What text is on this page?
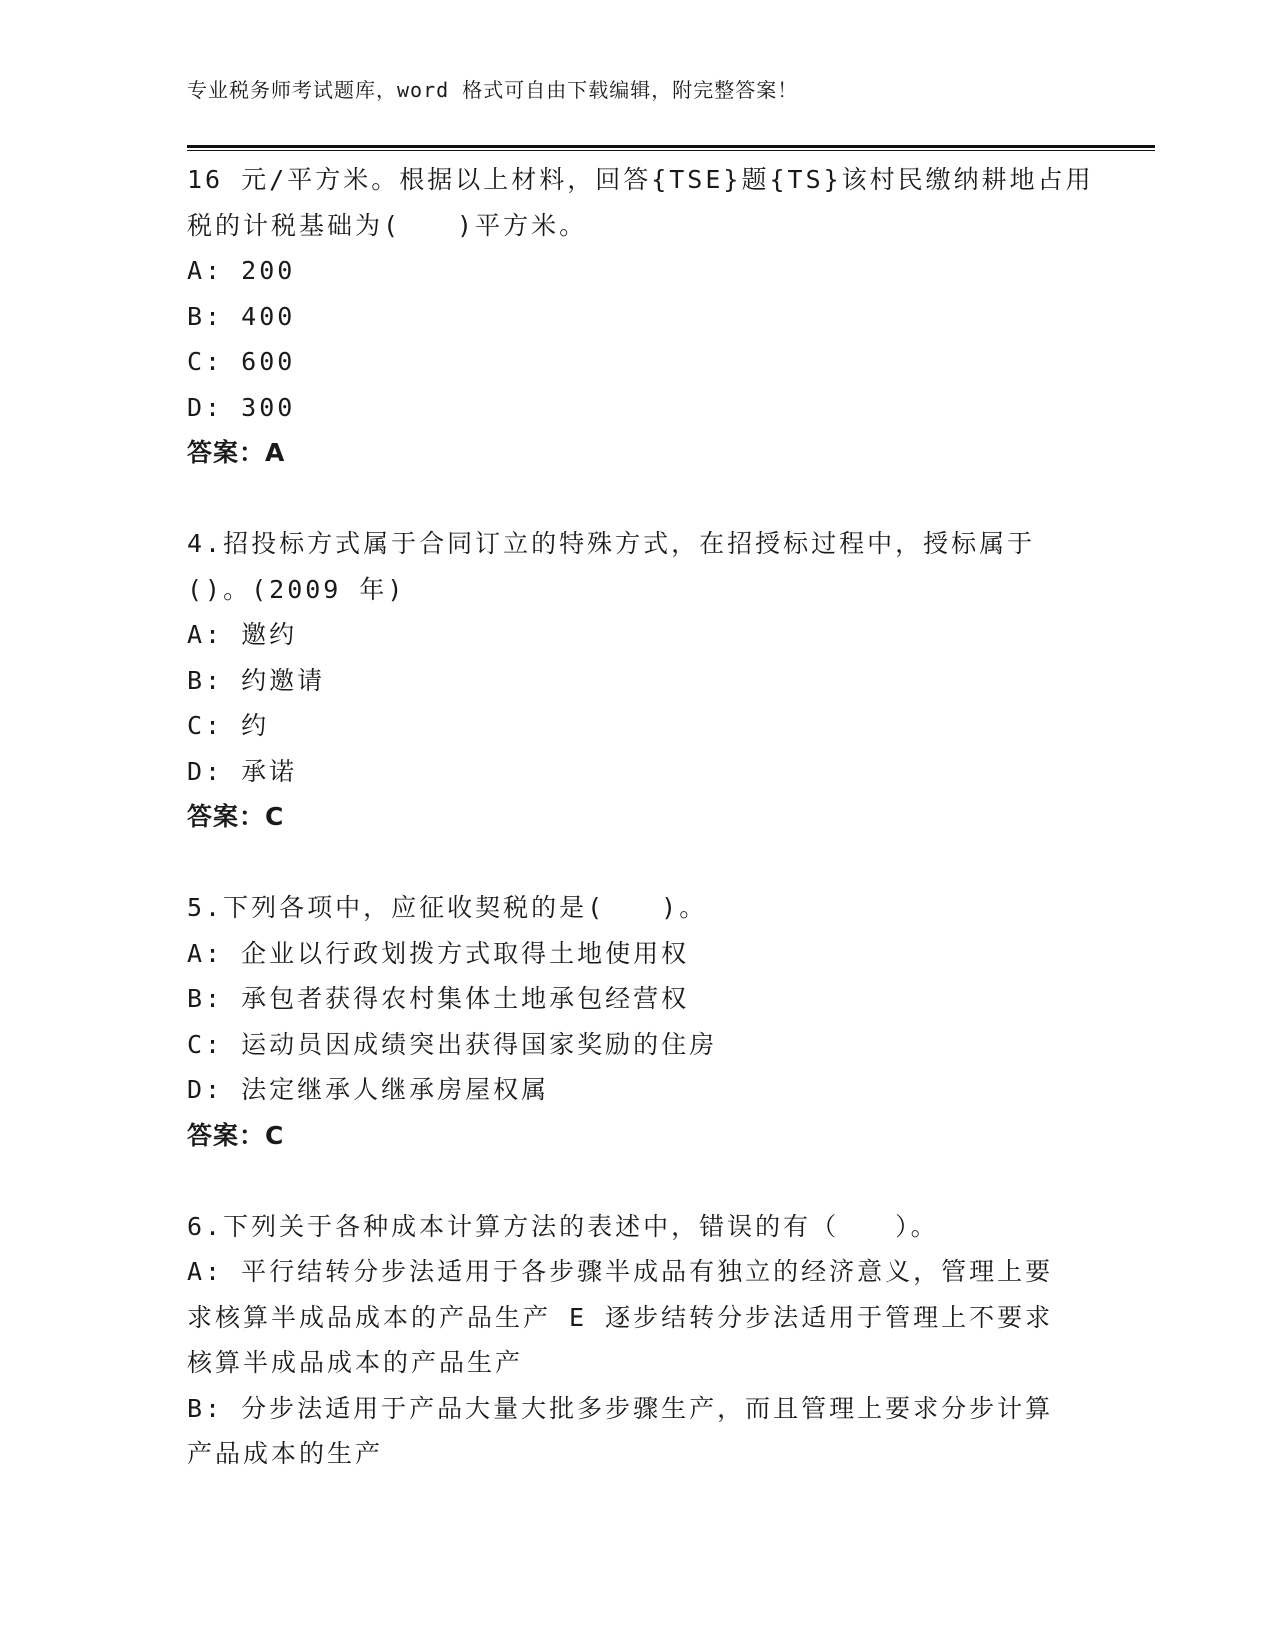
专业税务师考试题库，word 格式可自由下载编辑，附完整答案！
16 元/平方米。根据以上材料，回答{TSE}题{TS}该村民缴纳耕地占用
税的计税基础为(　　)平方米。
A: 200
B: 400
C: 600
D: 300
答案：A
4.招投标方式属于合同订立的特殊方式，在招授标过程中，授标属于
()。(2009 年)
A: 邀约
B: 约邀请
C: 约
D: 承诺
答案：C
5.下列各项中，应征收契税的是(　　)。
A: 企业以行政划拨方式取得土地使用权
B: 承包者获得农村集体土地承包经营权
C: 运动员因成绩突出获得国家奖励的住房
D: 法定继承人继承房屋权属
答案：C
6.下列关于各种成本计算方法的表述中，错误的有（　　）。
A: 平行结转分步法适用于各步骤半成品有独立的经济意义，管理上要
求核算半成品成本的产品生产 E 逐步结转分步法适用于管理上不要求
核算半成品成本的产品生产
B: 分步法适用于产品大量大批多步骤生产，而且管理上要求分步计算
产品成本的生产
